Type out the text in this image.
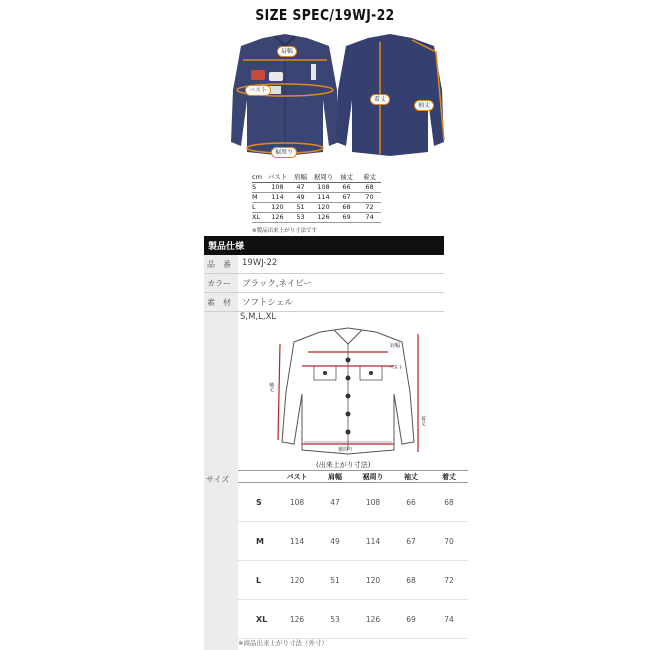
SIZE SPEC/19WJ-22
肩幅
バスト
裾周り
着丈
袖丈
cm	バスト	肩幅	裾周り	袖丈	着丈
S	108	47	108	66	68
M	114	49	114	67	70
L	120	51	120	68	72
XL	126	53	126	69	74
※製品出来上がり寸法です
製品仕様
品　番	19WJ-22
カラー	ブラック,ネイビー
素　材	ソフトシェル
サイズ
S,M,L,XL
肩幅
バスト
袖丈
着丈
裾周り
(出来上がり寸法)
	バスト	肩幅	裾周り	袖丈	着丈
S	108	47	108	66	68
M	114	49	114	67	70
L	120	51	120	68	72
XL	126	53	126	69	74
※商品出来上がり寸法（外寸）
